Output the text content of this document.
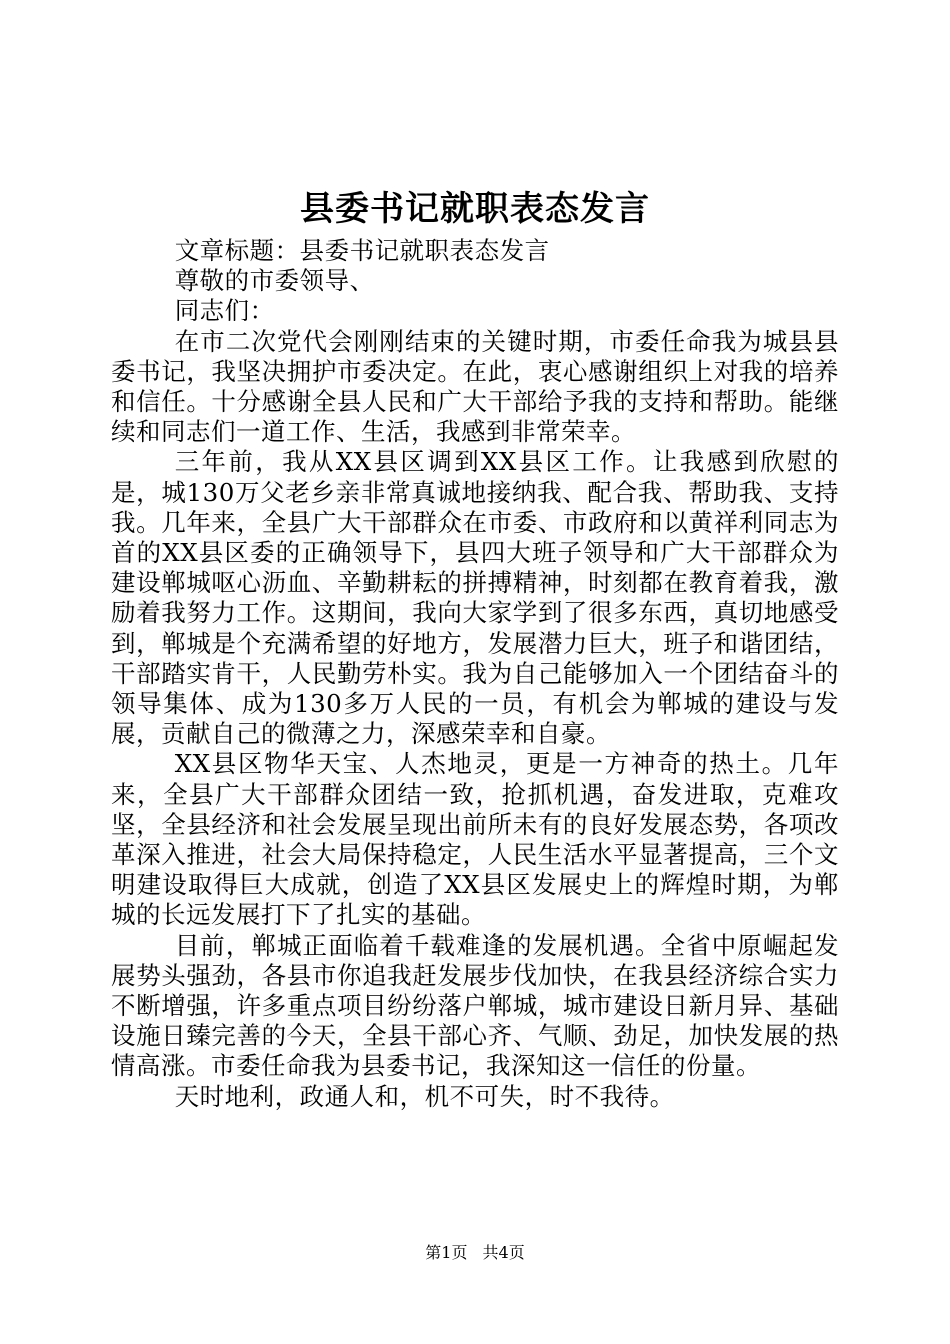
县委书记就职表态发言

文章标题：县委书记就职表态发言

尊敬的市委领导、

同志们：

在市二次党代会刚刚结束的关键时期，市委任命我为城县县委书记，我坚决拥护市委决定。在此，衷心感谢组织上对我的培养和信任。十分感谢全县人民和广大干部给予我的支持和帮助。能继续和同志们一道工作、生活，我感到非常荣幸。

三年前，我从XX县区调到XX县区工作。让我感到欣慰的是，城130万父老乡亲非常真诚地接纳我、配合我、帮助我、支持我。几年来，全县广大干部群众在市委、市政府和以黄祥利同志为首的XX县区委的正确领导下，县四大班子领导和广大干部群众为建设郸城呕心沥血、辛勤耕耘的拼搏精神，时刻都在教育着我，激励着我努力工作。这期间，我向大家学到了很多东西，真切地感受到，郸城是个充满希望的好地方，发展潜力巨大，班子和谐团结，干部踏实肯干，人民勤劳朴实。我为自己能够加入一个团结奋斗的领导集体、成为130多万人民的一员，有机会为郸城的建设与发展，贡献自己的微薄之力，深感荣幸和自豪。

XX县区物华天宝、人杰地灵，更是一方神奇的热土。几年来，全县广大干部群众团结一致，抢抓机遇，奋发进取，克难攻坚，全县经济和社会发展呈现出前所未有的良好发展态势，各项改革深入推进，社会大局保持稳定，人民生活水平显著提高，三个文明建设取得巨大成就，创造了XX县区发展史上的辉煌时期，为郸城的长远发展打下了扎实的基础。

目前，郸城正面临着千载难逢的发展机遇。全省中原崛起发展势头强劲，各县市你追我赶发展步伐加快，在我县经济综合实力不断增强，许多重点项目纷纷落户郸城，城市建设日新月异、基础设施日臻完善的今天，全县干部心齐、气顺、劲足，加快发展的热情高涨。市委任命我为县委书记，我深知这一信任的份量。

天时地利，政通人和，机不可失，时不我待。

第1页 共4页
